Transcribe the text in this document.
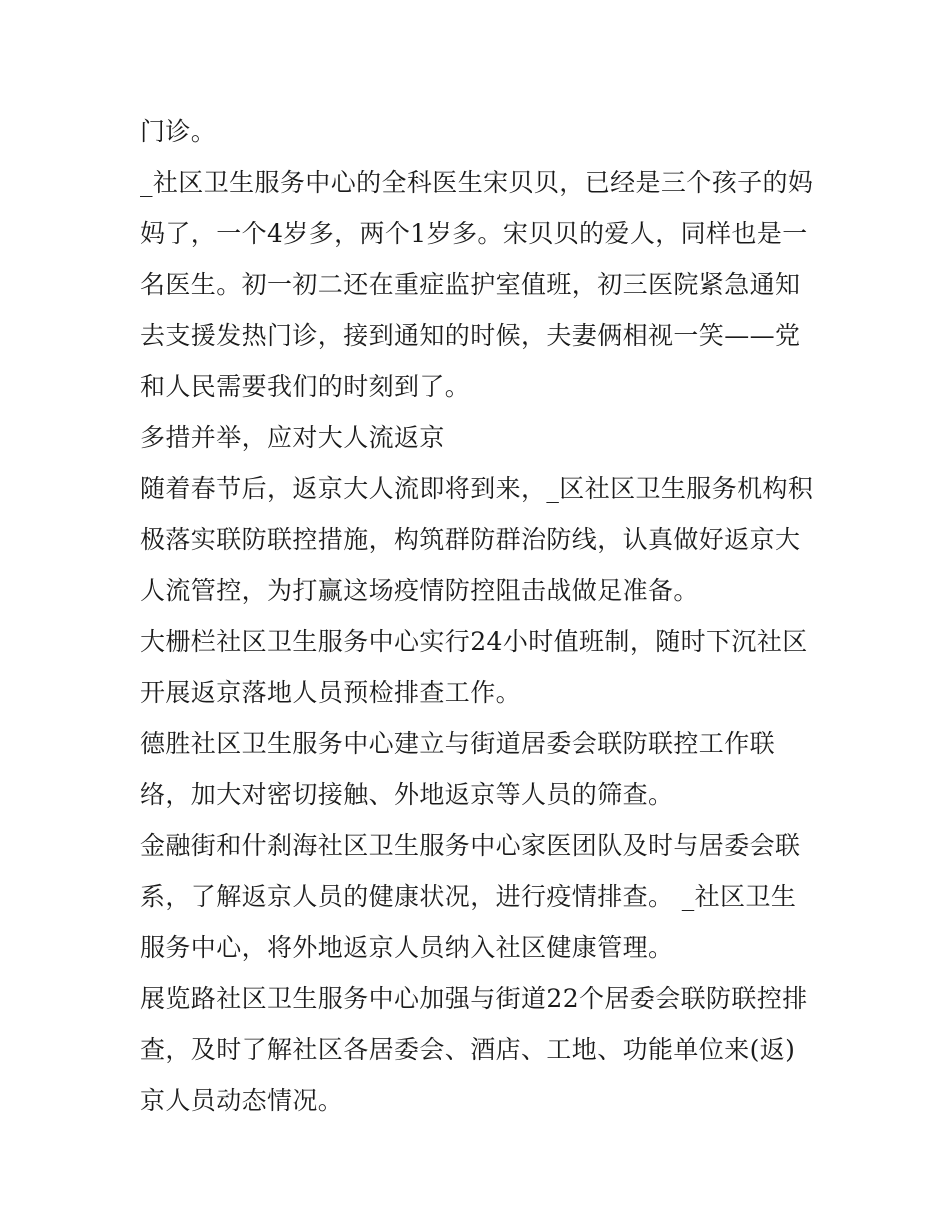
门诊。

_社区卫生服务中心的全科医生宋贝贝，已经是三个孩子的妈妈了，一个4岁多，两个1岁多。宋贝贝的爱人，同样也是一名医生。初一初二还在重症监护室值班，初三医院紧急通知去支援发热门诊，接到通知的时候，夫妻俩相视一笑——党和人民需要我们的时刻到了。

多措并举，应对大人流返京

随着春节后，返京大人流即将到来，_区社区卫生服务机构积极落实联防联控措施，构筑群防群治防线，认真做好返京大人流管控，为打赢这场疫情防控阻击战做足准备。

大栅栏社区卫生服务中心实行24小时值班制，随时下沉社区开展返京落地人员预检排查工作。

德胜社区卫生服务中心建立与街道居委会联防联控工作联络，加大对密切接触、外地返京等人员的筛查。

金融街和什刹海社区卫生服务中心家医团队及时与居委会联系，了解返京人员的健康状况，进行疫情排查。 _社区卫生服务中心，将外地返京人员纳入社区健康管理。

展览路社区卫生服务中心加强与街道22个居委会联防联控排查，及时了解社区各居委会、酒店、工地、功能单位来(返)京人员动态情况。
